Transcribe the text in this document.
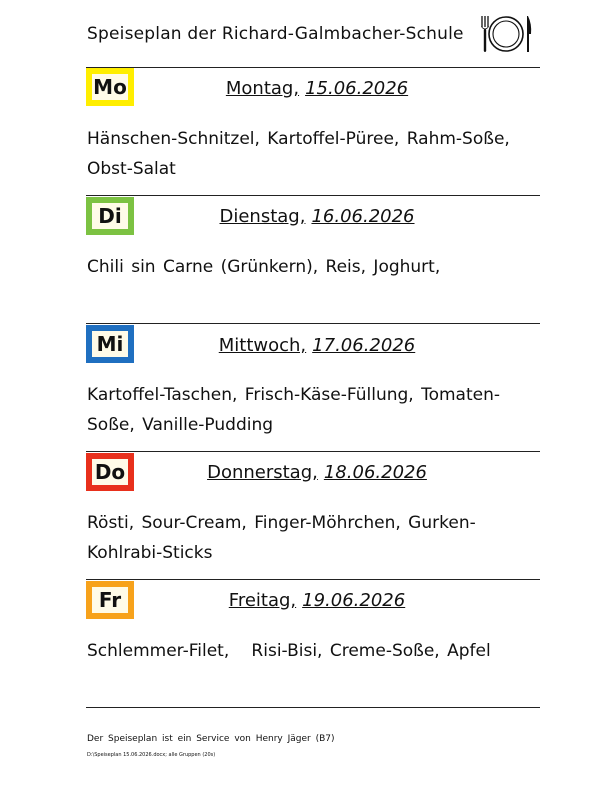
Speiseplan der Richard-Galmbacher-Schule
Mo	Montag, 15.06.2026
Hänschen-Schnitzel, Kartoffel-Püree, Rahm-Soße, Obst-Salat
Di	Dienstag, 16.06.2026
Chili sin Carne (Grünkern), Reis, Joghurt,
Mi	Mittwoch, 17.06.2026
Kartoffel-Taschen, Frisch-Käse-Füllung, Tomaten-Soße, Vanille-Pudding
Do	Donnerstag, 18.06.2026
Rösti, Sour-Cream, Finger-Möhrchen, Gurken- Kohlrabi-Sticks
Fr	Freitag, 19.06.2026
Schlemmer-Filet,   Risi-Bisi, Creme-Soße, Apfel
Der Speiseplan ist ein Service von Henry Jäger (B7)
D:\Speiseplan 15.06.2026.docx; alle Gruppen (20s)
